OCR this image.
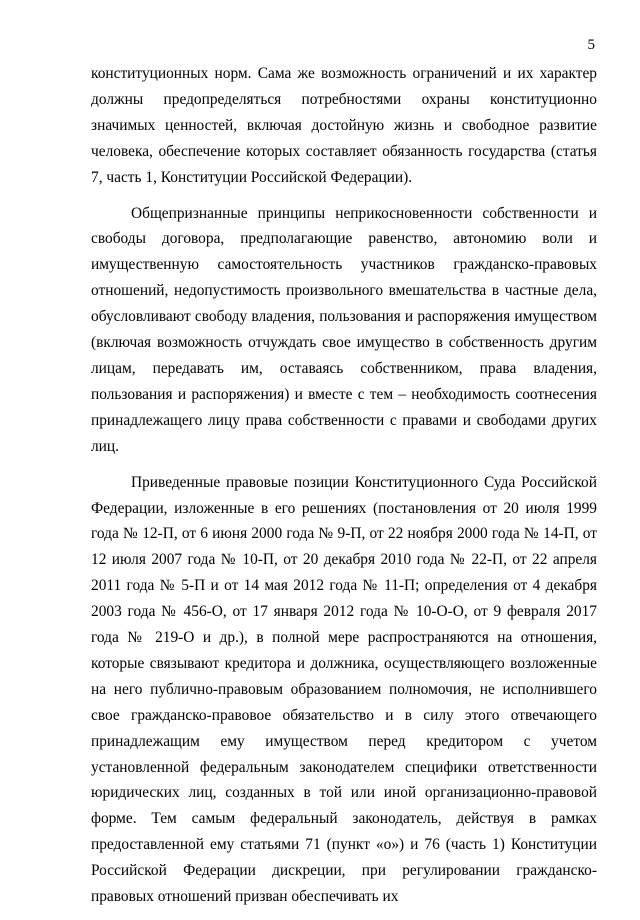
5

конституционных норм. Сама же возможность ограничений и их характер должны предопределяться потребностями охраны конституционно значимых ценностей, включая достойную жизнь и свободное развитие человека, обеспечение которых составляет обязанность государства (статья 7, часть 1, Конституции Российской Федерации).

Общепризнанные принципы неприкосновенности собственности и свободы договора, предполагающие равенство, автономию воли и имущественную самостоятельность участников гражданско-правовых отношений, недопустимость произвольного вмешательства в частные дела, обусловливают свободу владения, пользования и распоряжения имуществом (включая возможность отчуждать свое имущество в собственность другим лицам, передавать им, оставаясь собственником, права владения, пользования и распоряжения) и вместе с тем – необходимость соотнесения принадлежащего лицу права собственности с правами и свободами других лиц.

Приведенные правовые позиции Конституционного Суда Российской Федерации, изложенные в его решениях (постановления от 20 июля 1999 года № 12-П, от 6 июня 2000 года № 9-П, от 22 ноября 2000 года № 14-П, от 12 июля 2007 года № 10-П, от 20 декабря 2010 года № 22-П, от 22 апреля 2011 года № 5-П и от 14 мая 2012 года № 11-П; определения от 4 декабря 2003 года № 456-О, от 17 января 2012 года № 10-О-О, от 9 февраля 2017 года № 219-О и др.), в полной мере распространяются на отношения, которые связывают кредитора и должника, осуществляющего возложенные на него публично-правовым образованием полномочия, не исполнившего свое гражданско-правовое обязательство и в силу этого отвечающего принадлежащим ему имуществом перед кредитором с учетом установленной федеральным законодателем специфики ответственности юридических лиц, созданных в той или иной организационно-правовой форме. Тем самым федеральный законодатель, действуя в рамках предоставленной ему статьями 71 (пункт «о») и 76 (часть 1) Конституции Российской Федерации дискреции, при регулировании гражданско-правовых отношений призван обеспечивать их
